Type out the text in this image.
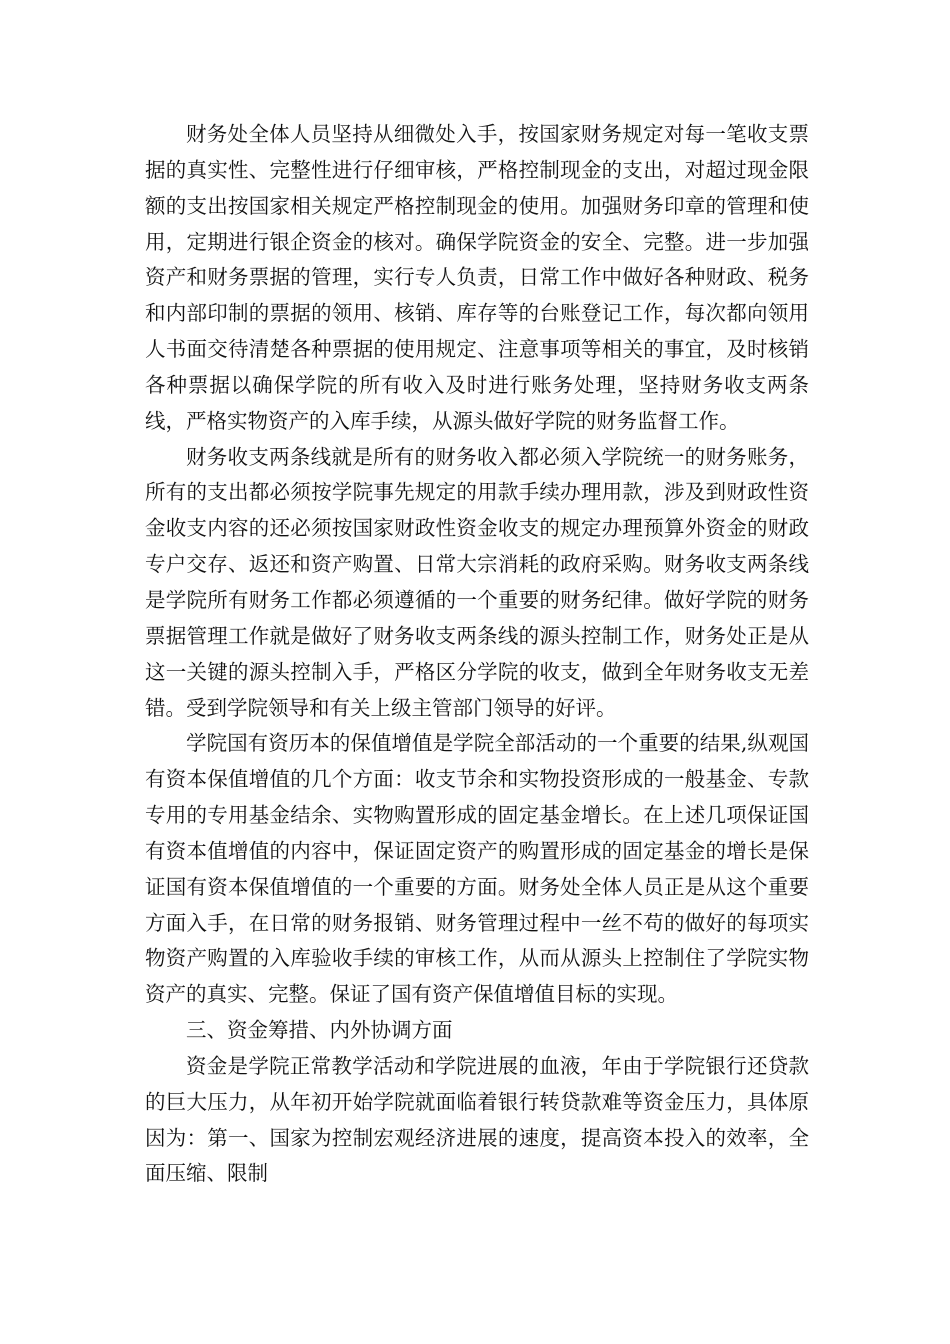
财务处全体人员坚持从细微处入手，按国家财务规定对每一笔收支票据的真实性、完整性进行仔细审核，严格控制现金的支出，对超过现金限额的支出按国家相关规定严格控制现金的使用。加强财务印章的管理和使用，定期进行银企资金的核对。确保学院资金的安全、完整。进一步加强资产和财务票据的管理，实行专人负责，日常工作中做好各种财政、税务和内部印制的票据的领用、核销、库存等的台账登记工作，每次都向领用人书面交待清楚各种票据的使用规定、注意事项等相关的事宜，及时核销各种票据以确保学院的所有收入及时进行账务处理，坚持财务收支两条线，严格实物资产的入库手续，从源头做好学院的财务监督工作。

财务收支两条线就是所有的财务收入都必须入学院统一的财务账务，所有的支出都必须按学院事先规定的用款手续办理用款，涉及到财政性资金收支内容的还必须按国家财政性资金收支的规定办理预算外资金的财政专户交存、返还和资产购置、日常大宗消耗的政府采购。财务收支两条线是学院所有财务工作都必须遵循的一个重要的财务纪律。做好学院的财务票据管理工作就是做好了财务收支两条线的源头控制工作，财务处正是从这一关键的源头控制入手，严格区分学院的收支，做到全年财务收支无差错。受到学院领导和有关上级主管部门领导的好评。

学院国有资历本的保值增值是学院全部活动的一个重要的结果,纵观国有资本保值增值的几个方面：收支节余和实物投资形成的一般基金、专款专用的专用基金结余、实物购置形成的固定基金增长。在上述几项保证国有资本值增值的内容中，保证固定资产的购置形成的固定基金的增长是保证国有资本保值增值的一个重要的方面。财务处全体人员正是从这个重要方面入手，在日常的财务报销、财务管理过程中一丝不苟的做好的每项实物资产购置的入库验收手续的审核工作，从而从源头上控制住了学院实物资产的真实、完整。保证了国有资产保值增值目标的实现。

三、资金筹措、内外协调方面

资金是学院正常教学活动和学院进展的血液，年由于学院银行还贷款的巨大压力，从年初开始学院就面临着银行转贷款难等资金压力，具体原因为：第一、国家为控制宏观经济进展的速度，提高资本投入的效率，全面压缩、限制
